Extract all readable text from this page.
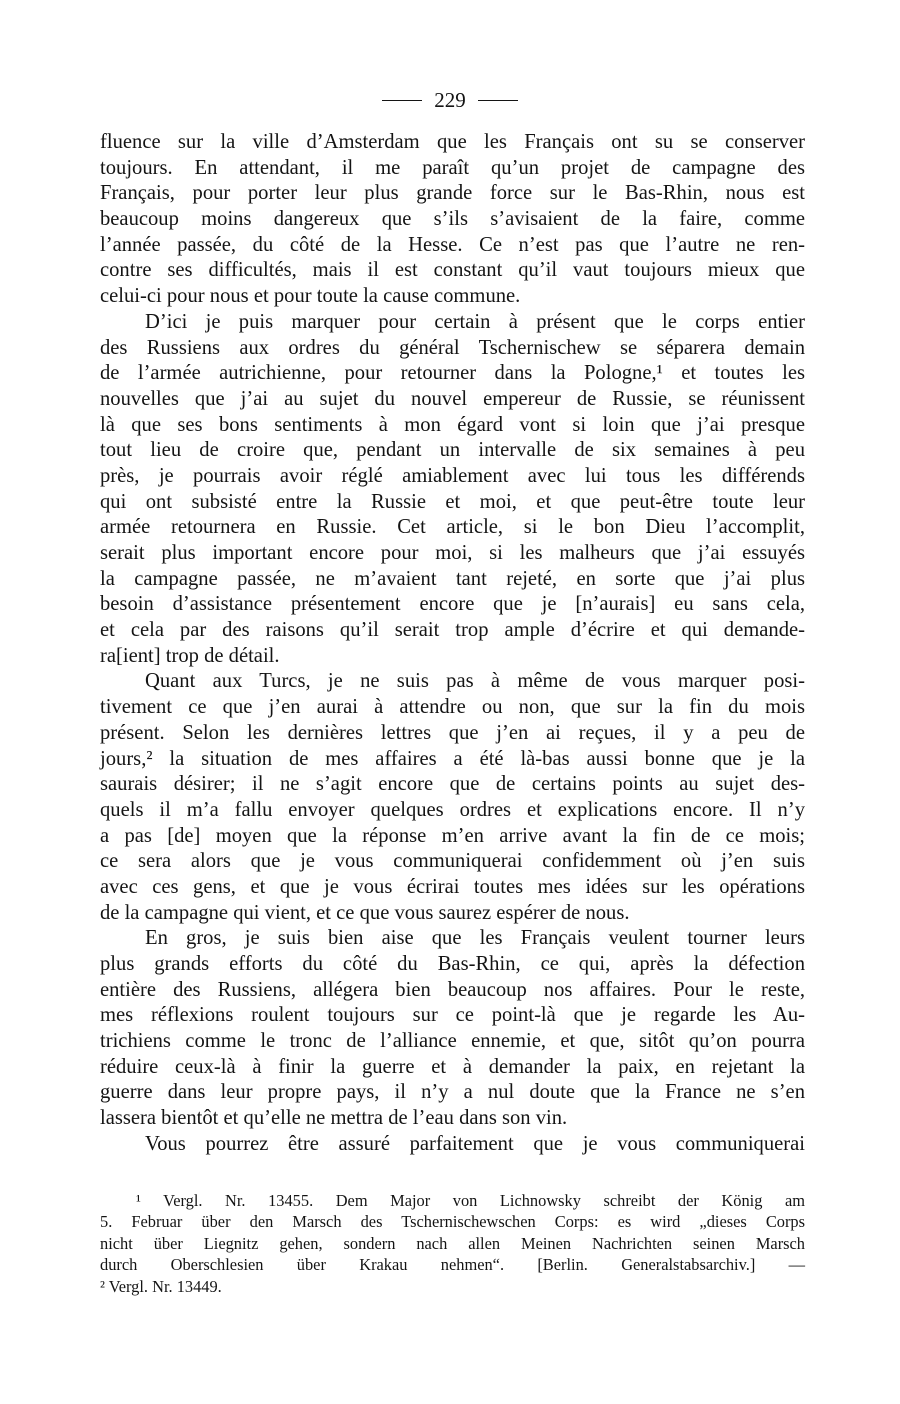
229
fluence sur la ville d’Amsterdam que les Français ont su se conserver
toujours. En attendant, il me paraît qu’un projet de campagne des
Français, pour porter leur plus grande force sur le Bas-Rhin, nous est
beaucoup moins dangereux que s’ils s’avisaient de la faire, comme
l’année passée, du côté de la Hesse. Ce n’est pas que l’autre ne ren-
contre ses difficultés, mais il est constant qu’il vaut toujours mieux que
celui-ci pour nous et pour toute la cause commune.
D’ici je puis marquer pour certain à présent que le corps entier
des Russiens aux ordres du général Tschernischew se séparera demain
de l’armée autrichienne, pour retourner dans la Pologne,¹ et toutes les
nouvelles que j’ai au sujet du nouvel empereur de Russie, se réunissent
là que ses bons sentiments à mon égard vont si loin que j’ai presque
tout lieu de croire que, pendant un intervalle de six semaines à peu
près, je pourrais avoir réglé amiablement avec lui tous les différends
qui ont subsisté entre la Russie et moi, et que peut-être toute leur
armée retournera en Russie. Cet article, si le bon Dieu l’accomplit,
serait plus important encore pour moi, si les malheurs que j’ai essuyés
la campagne passée, ne m’avaient tant rejeté, en sorte que j’ai plus
besoin d’assistance présentement encore que je [n’aurais] eu sans cela,
et cela par des raisons qu’il serait trop ample d’écrire et qui demande-
ra[ient] trop de détail.
Quant aux Turcs, je ne suis pas à même de vous marquer posi-
tivement ce que j’en aurai à attendre ou non, que sur la fin du mois
présent. Selon les dernières lettres que j’en ai reçues, il y a peu de
jours,² la situation de mes affaires a été là-bas aussi bonne que je la
saurais désirer; il ne s’agit encore que de certains points au sujet des-
quels il m’a fallu envoyer quelques ordres et explications encore. Il n’y
a pas [de] moyen que la réponse m’en arrive avant la fin de ce mois;
ce sera alors que je vous communiquerai confidemment où j’en suis
avec ces gens, et que je vous écrirai toutes mes idées sur les opérations
de la campagne qui vient, et ce que vous saurez espérer de nous.
En gros, je suis bien aise que les Français veulent tourner leurs
plus grands efforts du côté du Bas-Rhin, ce qui, après la défection
entière des Russiens, allégera bien beaucoup nos affaires. Pour le reste,
mes réflexions roulent toujours sur ce point-là que je regarde les Au-
trichiens comme le tronc de l’alliance ennemie, et que, sitôt qu’on pourra
réduire ceux-là à finir la guerre et à demander la paix, en rejetant la
guerre dans leur propre pays, il n’y a nul doute que la France ne s’en
lassera bientôt et qu’elle ne mettra de l’eau dans son vin.
Vous pourrez être assuré parfaitement que je vous communiquerai
¹ Vergl. Nr. 13455. Dem Major von Lichnowsky schreibt der König am
5. Februar über den Marsch des Tschernischewschen Corps: es wird „dieses Corps
nicht über Liegnitz gehen, sondern nach allen Meinen Nachrichten seinen Marsch
durch Oberschlesien über Krakau nehmen“. [Berlin. Generalstabsarchiv.] —
² Vergl. Nr. 13449.
